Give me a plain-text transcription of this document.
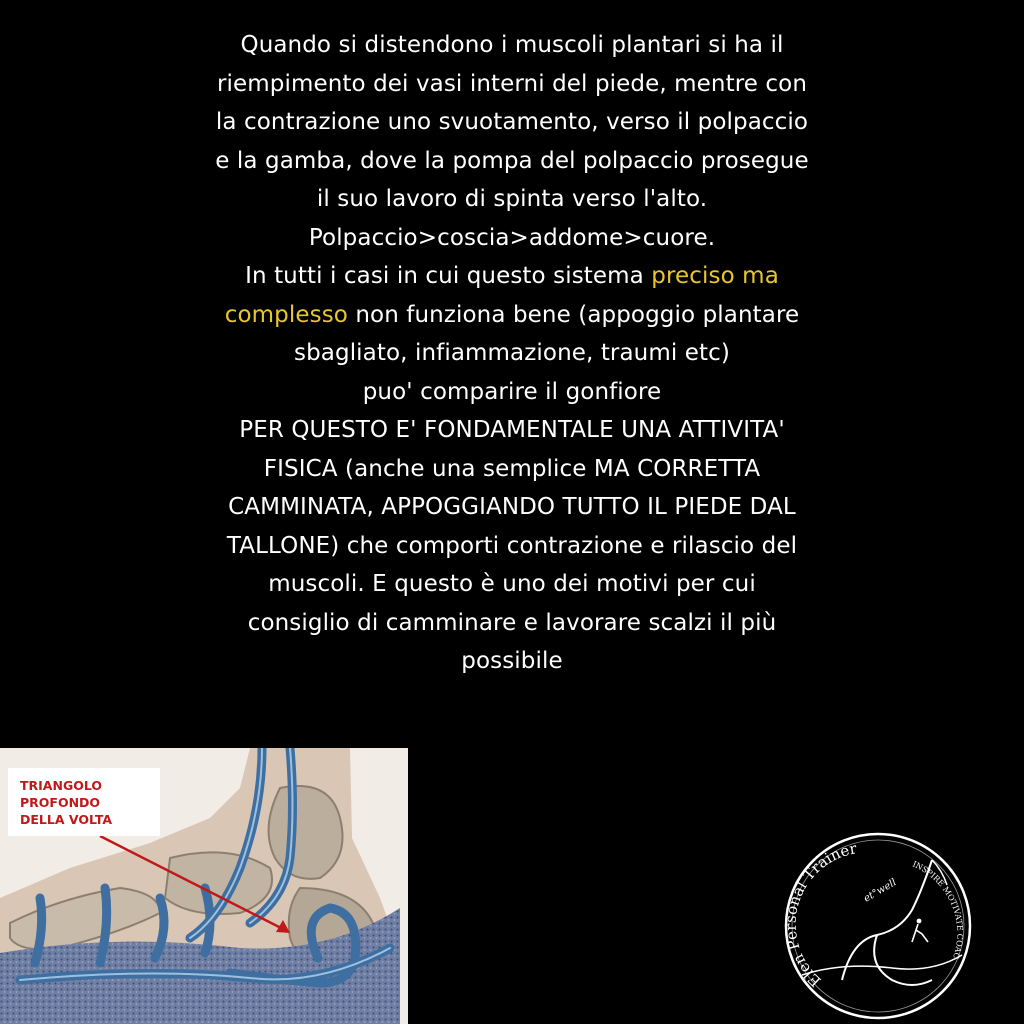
Quando si distendono i muscoli plantari si ha il
riempimento dei vasi interni del piede, mentre con
la contrazione uno svuotamento, verso il polpaccio
e la gamba, dove la pompa del polpaccio prosegue
il suo lavoro di spinta verso l'alto.
Polpaccio>coscia>addome>cuore.
In tutti i casi in cui questo sistema preciso ma
complesso non funziona bene (appoggio plantare
sbagliato, infiammazione, traumi etc)
puo' comparire il gonfiore
PER QUESTO E' FONDAMENTALE UNA ATTIVITA'
FISICA (anche una semplice MA CORRETTA
CAMMINATA, APPOGGIANDO TUTTO IL PIEDE DAL
TALLONE) che comporti contrazione e rilascio del
muscoli. E questo è uno dei motivi per cui
consiglio di camminare e lavorare scalzi il più
possibile
TRIANGOLO
PROFONDO
DELLA VOLTA
Elen Personal Trainer
INSPIRE MOTIVATE COAC
et°well
